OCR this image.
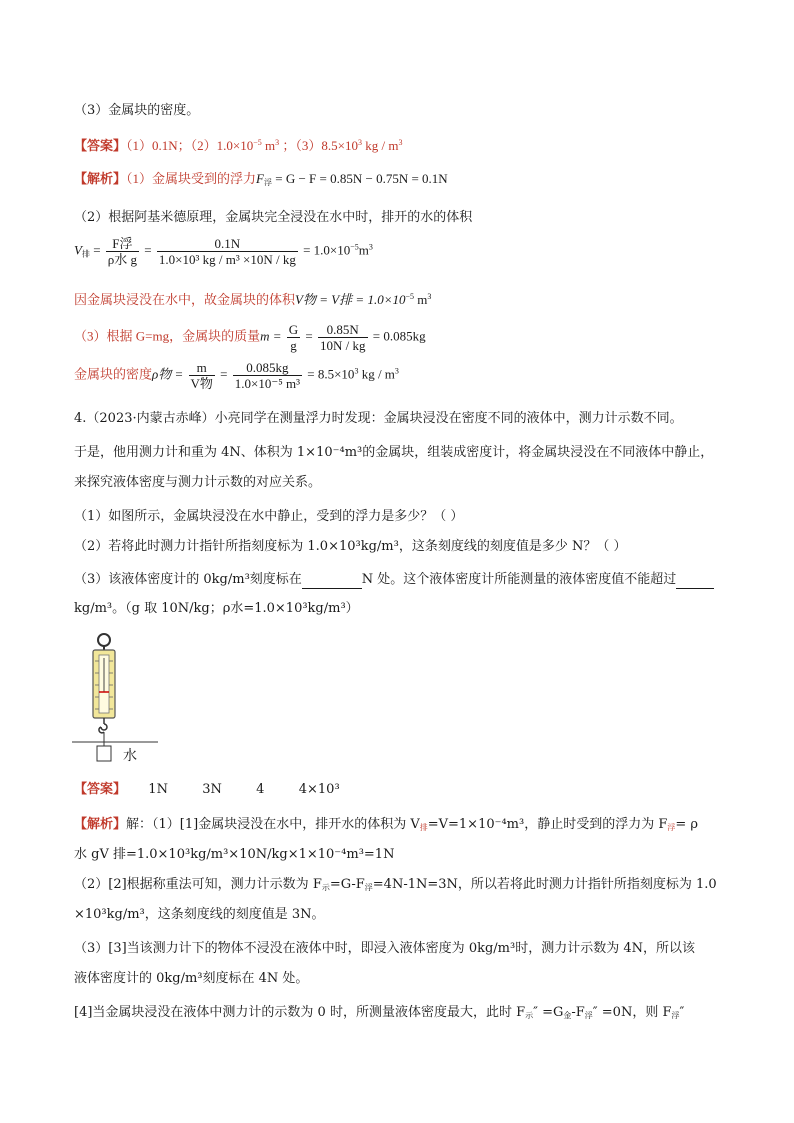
（3）金属块的密度。
【答案】（1）0.1N；$(2)1.0\times 10^{-5}$ $m^3$ ；$(3)8.5\times 10^3$ kg / $m^3$
【解析】（1）金属块受到的浮力$F_浮 = G - F = 0.85N - 0.75N = 0.1N$
（2）根据阿基米德原理，金属块完全浸没在水中时，排开的水的体积
$V_排 = \frac{\text{F浮}}{\text{ρ水 g}} = \frac{0.1N}{\text{1.0×10³ kg / m³ ×10N / kg}} = 1.0\times 10^{-5}m^3$
因金属块浸没在水中，故金属块的体积V物 = V排 = $1.0\times 10^{-5}$ $m^3$
（3）根据 G=mg，金属块的质量$m = \frac{G}{g} = \frac{0.85N}{10N / kg} = 0.085kg$
金属块的密度ρ物 = $\frac{m}{\text{V物}} = \frac{0.085kg}{\text{1.0×10⁻⁵ m³}} = 8.5\times 10^3$ kg / $m^3$
4.（2023·内蒙古赤峰）小亮同学在测量浮力时发现：金属块浸没在密度不同的液体中，测力计示数不同。
于是，他用测力计和重为 4N、体积为 1×10⁻⁴m³的金属块，组装成密度计，将金属块浸没在不同液体中静止，
来探究液体密度与测力计示数的对应关系。
（1）如图所示，金属块浸没在水中静止，受到的浮力是多少？（ ）
（2）若将此时测力计指针所指刻度标为 1.0×10³kg/m³，这条刻度线的刻度值是多少 N？（ ）
（3）该液体密度计的 0kg/m³刻度标在	N 处。这个液体密度计所能测量的液体密度值不能超过
kg/m³。（g 取 10N/kg；ρ水=1.0×10³kg/m³）
水
【答案】 1N	3N	4	4×10³
【解析】解：（1）[1]金属块浸没在水中，排开水的体积为 $V_排=V=1\times 10^{-4}m^3$，静止时受到的浮力为 $F_浮= \rho$
水 gV 排=1.0×10³kg/m³×10N/kg×1×10⁻⁴m³=1N
（2）[2]根据称重法可知，测力计示数为 $F_示=G-F_浮=4N-1N=3N$，所以若将此时测力计指针所指刻度标为 1.0
×10³kg/m³，这条刻度线的刻度值是 3N。
（3）[3]当该测力计下的物体不浸没在液体中时，即浸入液体密度为 0kg/m³时，测力计示数为 4N，所以该
液体密度计的 0kg/m³刻度标在 4N 处。
[4]当金属块浸没在液体中测力计的示数为 0 时，所测量液体密度最大，此时 $F_示'' =G_金-F_浮'' =0N$，则 $F_浮''$
